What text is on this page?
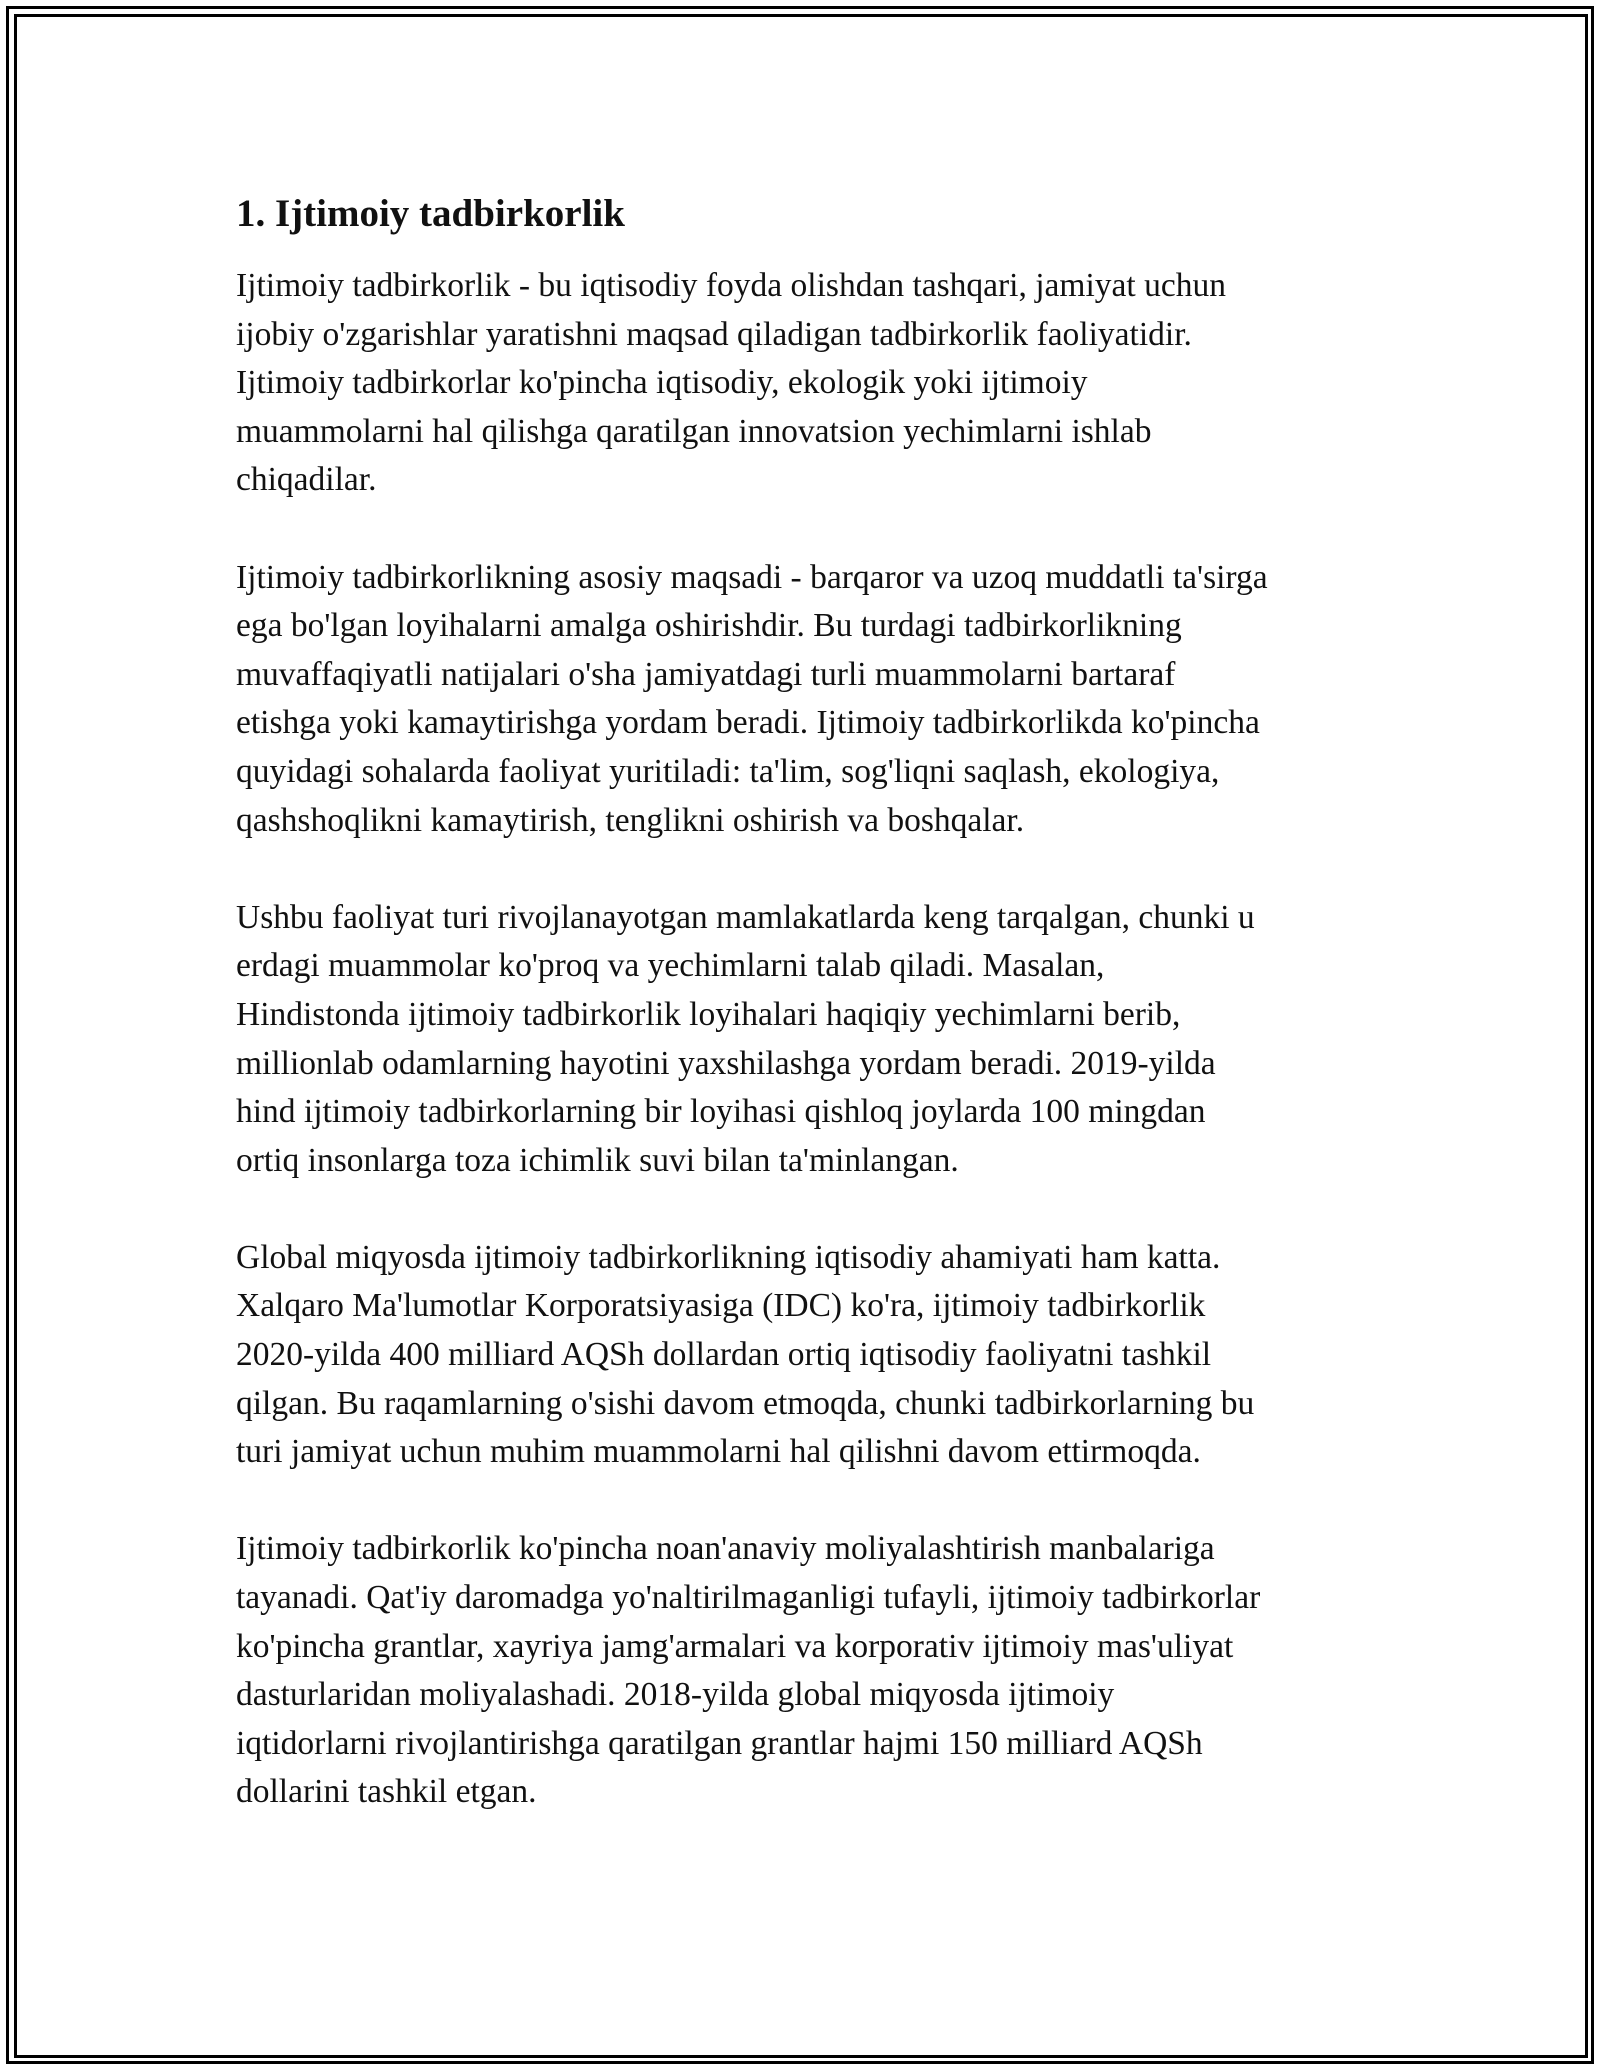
1. Ijtimoiy tadbirkorlik

Ijtimoiy tadbirkorlik - bu iqtisodiy foyda olishdan tashqari, jamiyat uchun
ijobiy o'zgarishlar yaratishni maqsad qiladigan tadbirkorlik faoliyatidir.
Ijtimoiy tadbirkorlar ko'pincha iqtisodiy, ekologik yoki ijtimoiy
muammolarni hal qilishga qaratilgan innovatsion yechimlarni ishlab
chiqadilar.

Ijtimoiy tadbirkorlikning asosiy maqsadi - barqaror va uzoq muddatli ta'sirga
ega bo'lgan loyihalarni amalga oshirishdir. Bu turdagi tadbirkorlikning
muvaffaqiyatli natijalari o'sha jamiyatdagi turli muammolarni bartaraf
etishga yoki kamaytirishga yordam beradi. Ijtimoiy tadbirkorlikda ko'pincha
quyidagi sohalarda faoliyat yuritiladi: ta'lim, sog'liqni saqlash, ekologiya,
qashshoqlikni kamaytirish, tenglikni oshirish va boshqalar.

Ushbu faoliyat turi rivojlanayotgan mamlakatlarda keng tarqalgan, chunki u
erdagi muammolar ko'proq va yechimlarni talab qiladi. Masalan,
Hindistonda ijtimoiy tadbirkorlik loyihalari haqiqiy yechimlarni berib,
millionlab odamlarning hayotini yaxshilashga yordam beradi. 2019-yilda
hind ijtimoiy tadbirkorlarning bir loyihasi qishloq joylarda 100 mingdan
ortiq insonlarga toza ichimlik suvi bilan ta'minlangan.

Global miqyosda ijtimoiy tadbirkorlikning iqtisodiy ahamiyati ham katta.
Xalqaro Ma'lumotlar Korporatsiyasiga (IDC) ko'ra, ijtimoiy tadbirkorlik
2020-yilda 400 milliard AQSh dollardan ortiq iqtisodiy faoliyatni tashkil
qilgan. Bu raqamlarning o'sishi davom etmoqda, chunki tadbirkorlarning bu
turi jamiyat uchun muhim muammolarni hal qilishni davom ettirmoqda.

Ijtimoiy tadbirkorlik ko'pincha noan'anaviy moliyalashtirish manbalariga
tayanadi. Qat'iy daromadga yo'naltirilmaganligi tufayli, ijtimoiy tadbirkorlar
ko'pincha grantlar, xayriya jamg'armalari va korporativ ijtimoiy mas'uliyat
dasturlaridan moliyalashadi. 2018-yilda global miqyosda ijtimoiy
iqtidorlarni rivojlantirishga qaratilgan grantlar hajmi 150 milliard AQSh
dollarini tashkil etgan.
